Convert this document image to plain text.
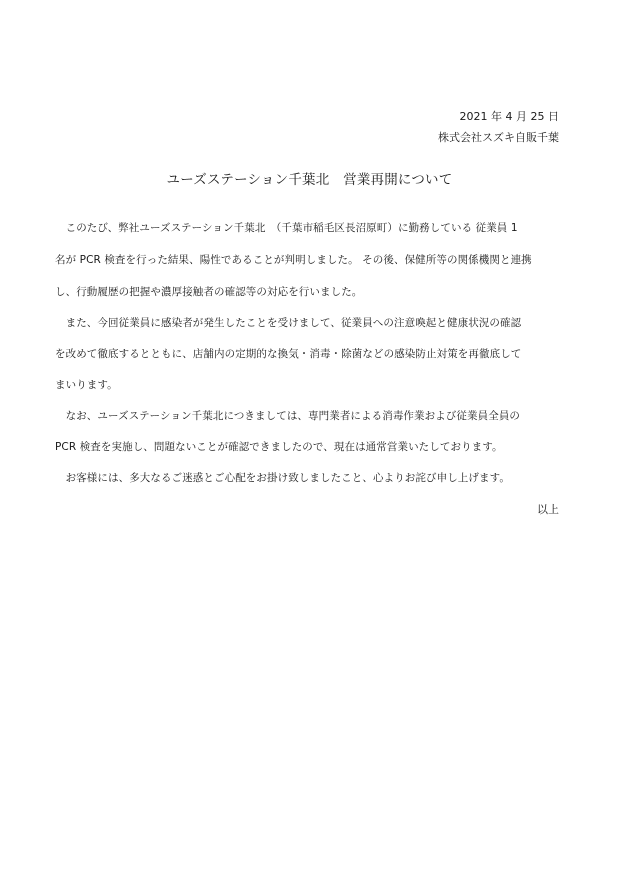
2021 年 4 月 25 日
株式会社スズキ自販千葉
ユーズステーション千葉北　営業再開について
　このたび、弊社ユーズステーション千葉北　（千葉市稲毛区長沼原町）に勤務している 従業員 1
名が PCR 検査を行った結果、陽性であることが判明しました。 その後、保健所等の関係機関と連携
し、行動履歴の把握や濃厚接触者の確認等の対応を行いました。
　また、今回従業員に感染者が発生したことを受けまして、従業員への注意喚起と健康状況の確認
を改めて徹底するとともに、店舗内の定期的な換気・消毒・除菌などの感染防止対策を再徹底して
まいります。
　なお、ユーズステーション千葉北につきましては、専門業者による消毒作業および従業員全員の
PCR 検査を実施し、問題ないことが確認できましたので、現在は通常営業いたしております。
　お客様には、多大なるご迷惑とご心配をお掛け致しましたこと、心よりお詫び申し上げます。
以上
